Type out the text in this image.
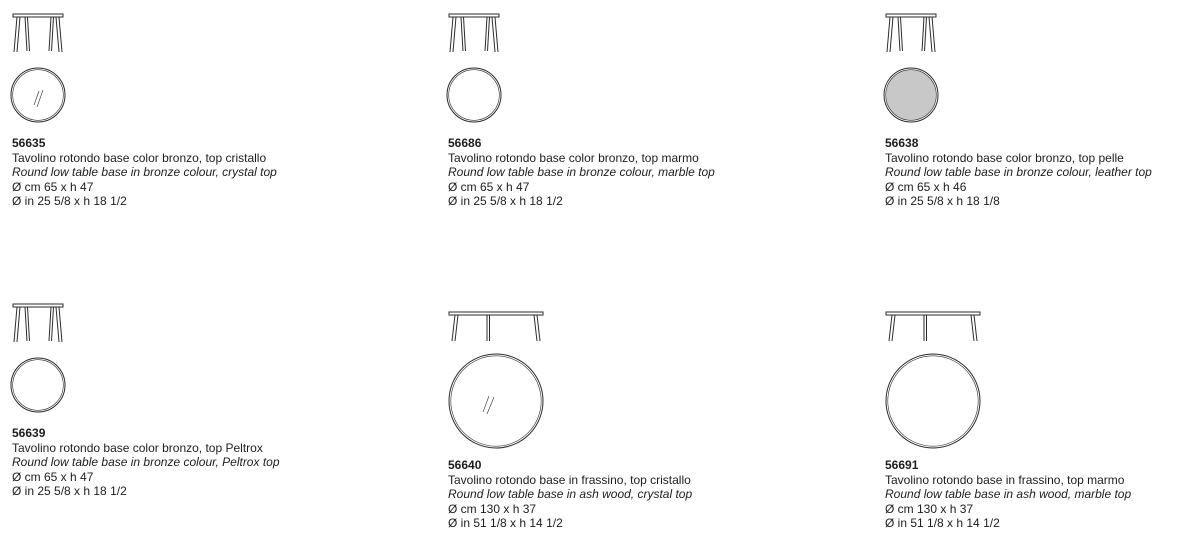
56635
Tavolino rotondo base color bronzo, top cristallo
Round low table base in bronze colour, crystal top
Ø cm 65 x h 47
Ø in 25 5/8 x h 18 1/2
56686
Tavolino rotondo base color bronzo, top marmo
Round low table base in bronze colour, marble top
Ø cm 65 x h 47
Ø in 25 5/8 x h 18 1/2
56638
Tavolino rotondo base color bronzo, top pelle
Round low table base in bronze colour, leather top
Ø cm 65 x h 46
Ø in 25 5/8 x h 18 1/8
56639
Tavolino rotondo base color bronzo, top Peltrox
Round low table base in bronze colour, Peltrox top
Ø cm 65 x h 47
Ø in 25 5/8 x h 18 1/2
56640
Tavolino rotondo base in frassino, top cristallo
Round low table base in ash wood, crystal top
Ø cm 130 x h 37
Ø in 51 1/8 x h 14 1/2
56691
Tavolino rotondo base in frassino, top marmo
Round low table base in ash wood, marble top
Ø cm 130 x h 37
Ø in 51 1/8 x h 14 1/2
